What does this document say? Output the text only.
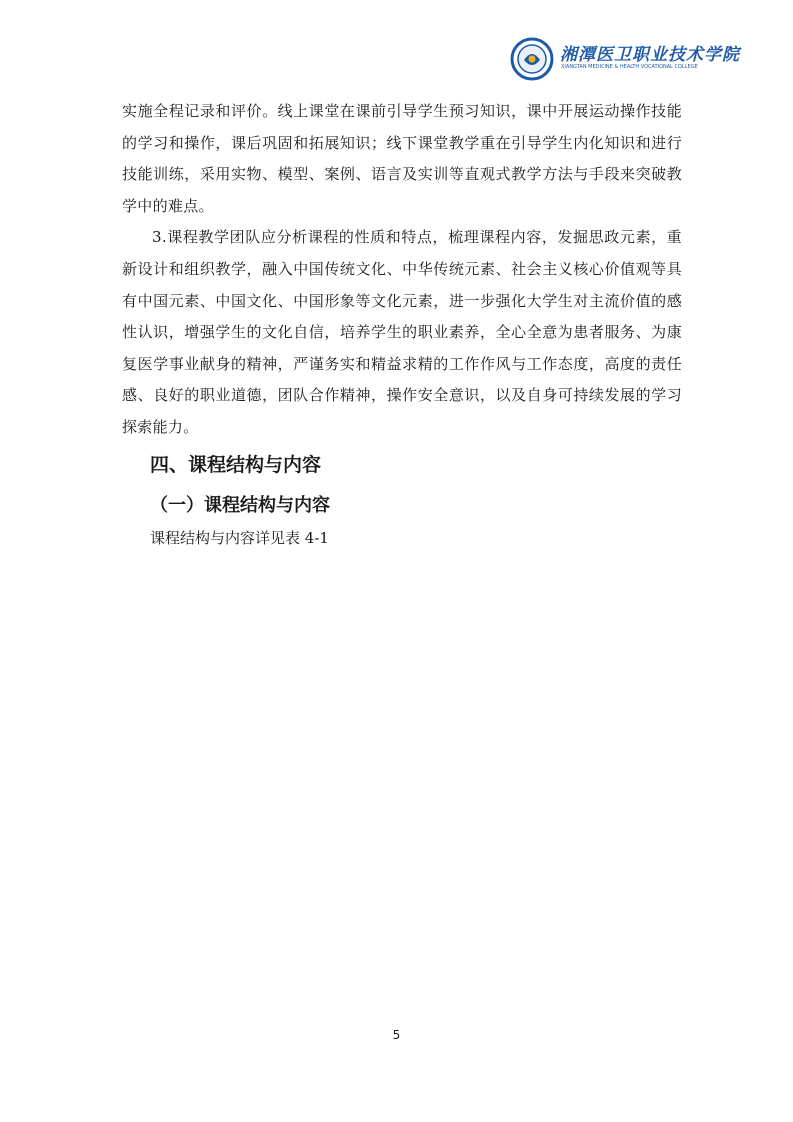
湘潭医卫职业技术学院
XIANGTAN MEDICINE & HEALTH VOCATIONAL COLLEGE

实施全程记录和评价。线上课堂在课前引导学生预习知识，课中开展运动操作技能的学习和操作，课后巩固和拓展知识；线下课堂教学重在引导学生内化知识和进行技能训练，采用实物、模型、案例、语言及实训等直观式教学方法与手段来突破教学中的难点。

3.课程教学团队应分析课程的性质和特点，梳理课程内容，发掘思政元素，重新设计和组织教学，融入中国传统文化、中华传统元素、社会主义核心价值观等具有中国元素、中国文化、中国形象等文化元素，进一步强化大学生对主流价值的感性认识，增强学生的文化自信，培养学生的职业素养，全心全意为患者服务、为康复医学事业献身的精神，严谨务实和精益求精的工作作风与工作态度，高度的责任感、良好的职业道德，团队合作精神，操作安全意识，以及自身可持续发展的学习探索能力。

四、课程结构与内容
（一）课程结构与内容

课程结构与内容详见表 4-1

5
